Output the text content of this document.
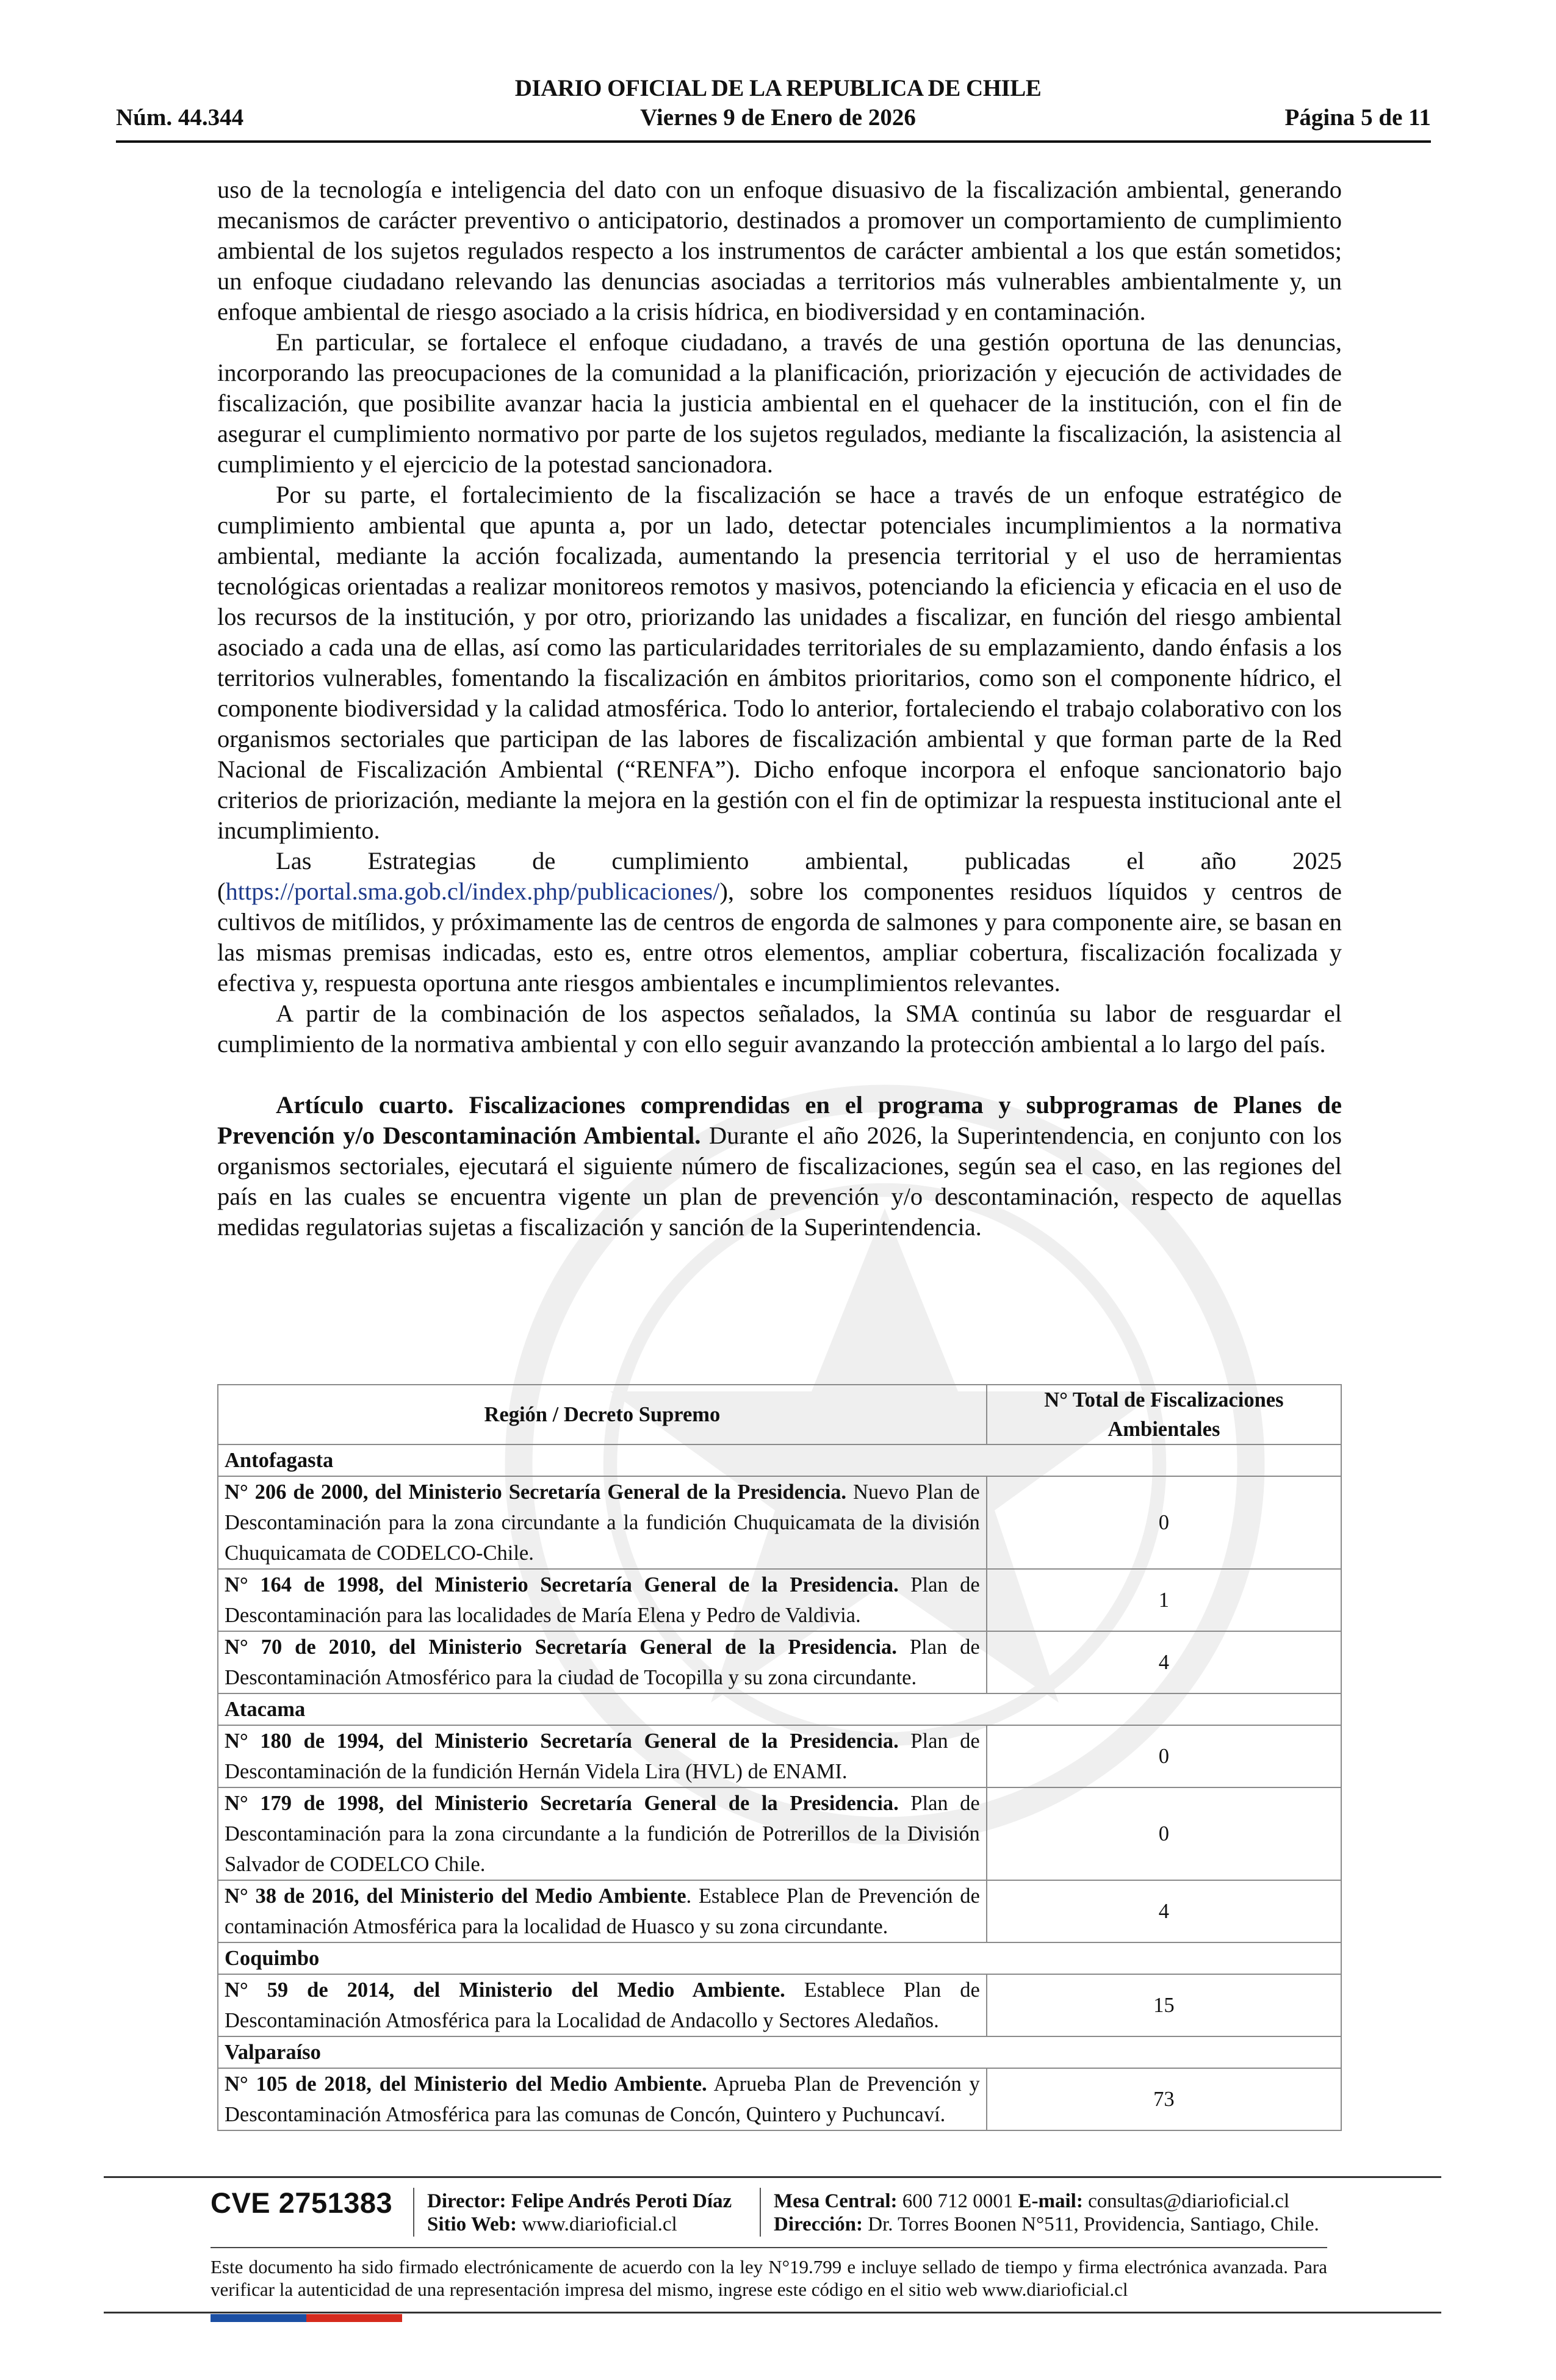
DIARIO OFICIAL DE LA REPUBLICA DE CHILE
Núm. 44.344	Viernes 9 de Enero de 2026	Página 5 de 11

uso de la tecnología e inteligencia del dato con un enfoque disuasivo de la fiscalización ambiental, generando mecanismos de carácter preventivo o anticipatorio, destinados a promover un comportamiento de cumplimiento ambiental de los sujetos regulados respecto a los instrumentos de carácter ambiental a los que están sometidos; un enfoque ciudadano relevando las denuncias asociadas a territorios más vulnerables ambientalmente y, un enfoque ambiental de riesgo asociado a la crisis hídrica, en biodiversidad y en contaminación.

En particular, se fortalece el enfoque ciudadano, a través de una gestión oportuna de las denuncias, incorporando las preocupaciones de la comunidad a la planificación, priorización y ejecución de actividades de fiscalización, que posibilite avanzar hacia la justicia ambiental en el quehacer de la institución, con el fin de asegurar el cumplimiento normativo por parte de los sujetos regulados, mediante la fiscalización, la asistencia al cumplimiento y el ejercicio de la potestad sancionadora.

Por su parte, el fortalecimiento de la fiscalización se hace a través de un enfoque estratégico de cumplimiento ambiental que apunta a, por un lado, detectar potenciales incumplimientos a la normativa ambiental, mediante la acción focalizada, aumentando la presencia territorial y el uso de herramientas tecnológicas orientadas a realizar monitoreos remotos y masivos, potenciando la eficiencia y eficacia en el uso de los recursos de la institución, y por otro, priorizando las unidades a fiscalizar, en función del riesgo ambiental asociado a cada una de ellas, así como las particularidades territoriales de su emplazamiento, dando énfasis a los territorios vulnerables, fomentando la fiscalización en ámbitos prioritarios, como son el componente hídrico, el componente biodiversidad y la calidad atmosférica. Todo lo anterior, fortaleciendo el trabajo colaborativo con los organismos sectoriales que participan de las labores de fiscalización ambiental y que forman parte de la Red Nacional de Fiscalización Ambiental (“RENFA”). Dicho enfoque incorpora el enfoque sancionatorio bajo criterios de priorización, mediante la mejora en la gestión con el fin de optimizar la respuesta institucional ante el incumplimiento.

Las Estrategias de cumplimiento ambiental, publicadas el año 2025 (https://portal.sma.gob.cl/index.php/publicaciones/), sobre los componentes residuos líquidos y centros de cultivos de mitílidos, y próximamente las de centros de engorda de salmones y para componente aire, se basan en las mismas premisas indicadas, esto es, entre otros elementos, ampliar cobertura, fiscalización focalizada y efectiva y, respuesta oportuna ante riesgos ambientales e incumplimientos relevantes.

A partir de la combinación de los aspectos señalados, la SMA continúa su labor de resguardar el cumplimiento de la normativa ambiental y con ello seguir avanzando la protección ambiental a lo largo del país.

Artículo cuarto. Fiscalizaciones comprendidas en el programa y subprogramas de Planes de Prevención y/o Descontaminación Ambiental. Durante el año 2026, la Superintendencia, en conjunto con los organismos sectoriales, ejecutará el siguiente número de fiscalizaciones, según sea el caso, en las regiones del país en las cuales se encuentra vigente un plan de prevención y/o descontaminación, respecto de aquellas medidas regulatorias sujetas a fiscalización y sanción de la Superintendencia.

Región / Decreto Supremo	N° Total de Fiscalizaciones Ambientales
Antofagasta	
N° 206 de 2000, del Ministerio Secretaría General de la Presidencia. Nuevo Plan de Descontaminación para la zona circundante a la fundición Chuquicamata de la división Chuquicamata de CODELCO-Chile.	0
N° 164 de 1998, del Ministerio Secretaría General de la Presidencia. Plan de Descontaminación para las localidades de María Elena y Pedro de Valdivia.	1
N° 70 de 2010, del Ministerio Secretaría General de la Presidencia. Plan de Descontaminación Atmosférico para la ciudad de Tocopilla y su zona circundante.	4
Atacama	
N° 180 de 1994, del Ministerio Secretaría General de la Presidencia. Plan de Descontaminación de la fundición Hernán Videla Lira (HVL) de ENAMI.	0
N° 179 de 1998, del Ministerio Secretaría General de la Presidencia. Plan de Descontaminación para la zona circundante a la fundición de Potrerillos de la División Salvador de CODELCO Chile.	0
N° 38 de 2016, del Ministerio del Medio Ambiente. Establece Plan de Prevención de contaminación Atmosférica para la localidad de Huasco y su zona circundante.	4
Coquimbo	
N° 59 de 2014, del Ministerio del Medio Ambiente. Establece Plan de Descontaminación Atmosférica para la Localidad de Andacollo y Sectores Aledaños.	15
Valparaíso	
N° 105 de 2018, del Ministerio del Medio Ambiente. Aprueba Plan de Prevención y Descontaminación Atmosférica para las comunas de Concón, Quintero y Puchuncaví.	73
CVE 2751383 Director: Felipe Andrés Peroti Díaz
Sitio Web: www.diarioficial.cl
Mesa Central: 600 712 0001 E-mail: consultas@diarioficial.cl
Dirección: Dr. Torres Boonen N°511, Providencia, Santiago, Chile.
Este documento ha sido firmado electrónicamente de acuerdo con la ley N°19.799 e incluye sellado de tiempo y firma electrónica avanzada. Para verificar la autenticidad de una representación impresa del mismo, ingrese este código en el sitio web www.diarioficial.cl
